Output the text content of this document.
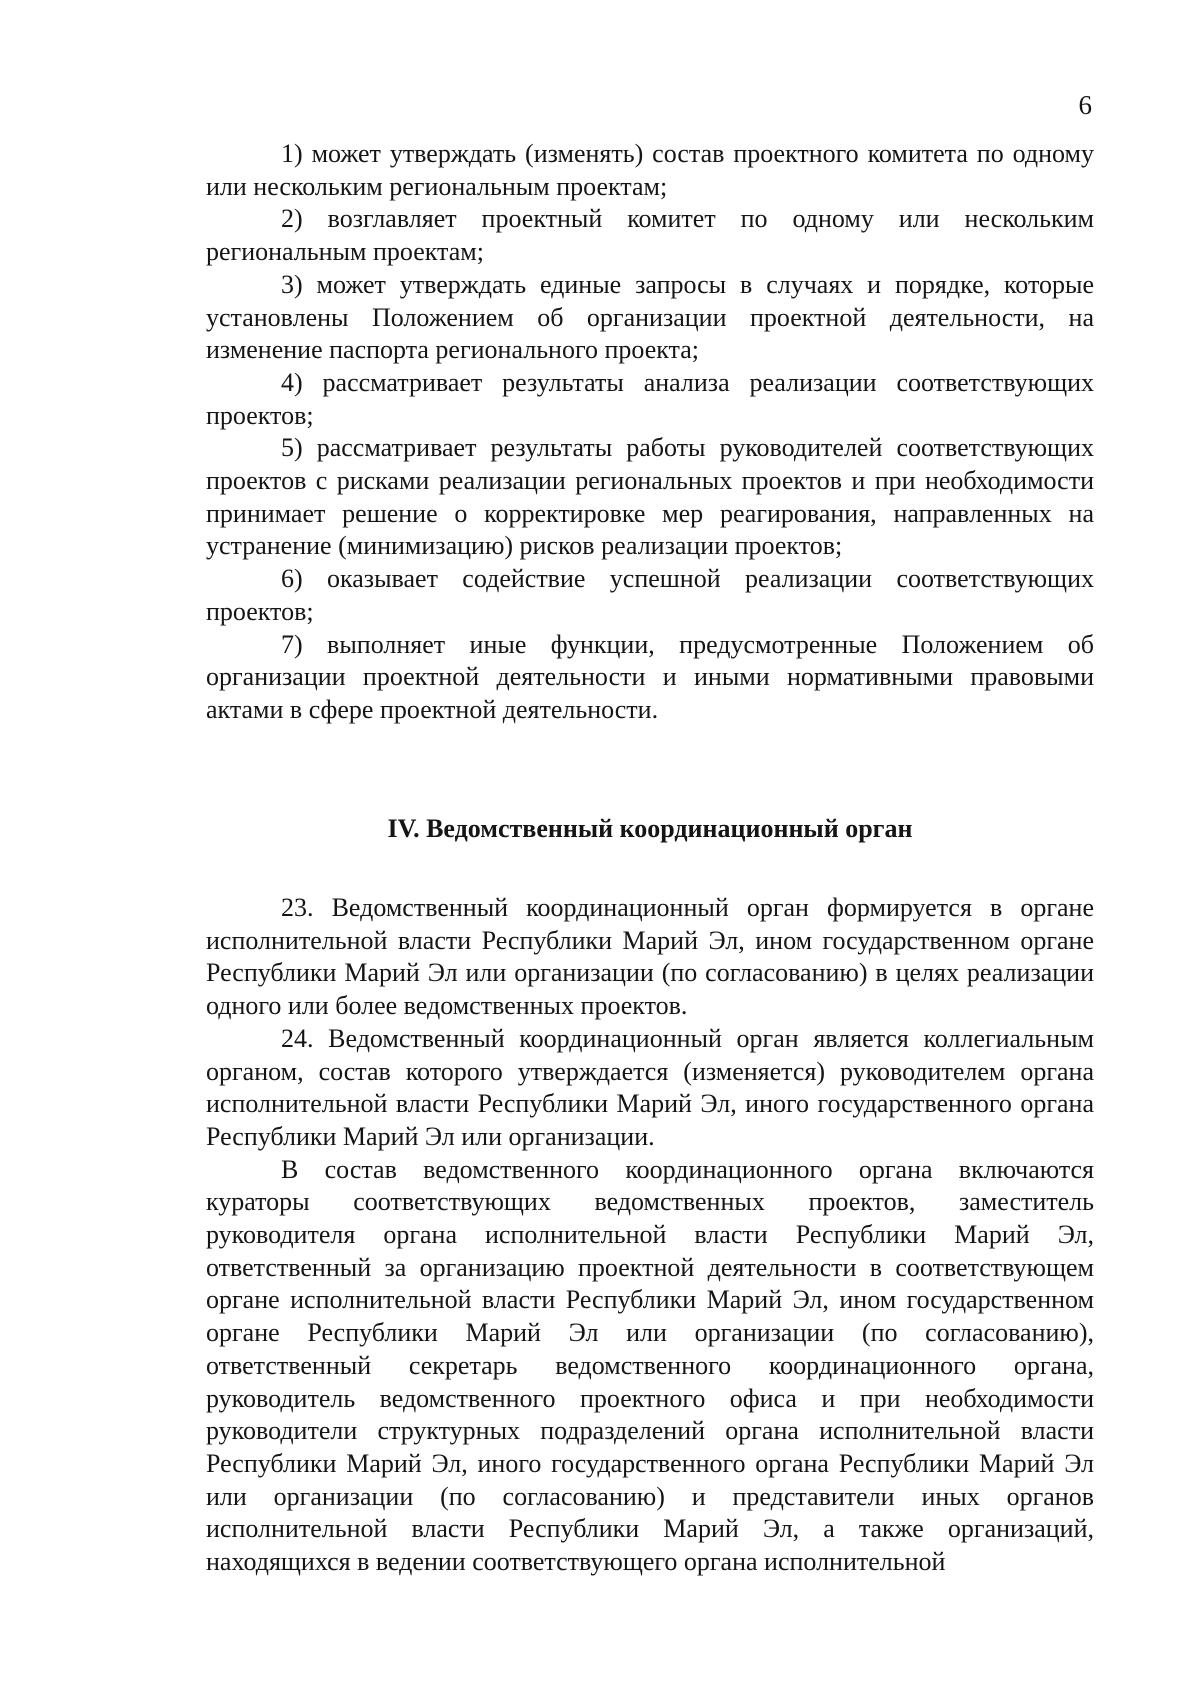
6

1) может утверждать (изменять) состав проектного комитета по одному или нескольким региональным проектам;

2) возглавляет проектный комитет по одному или нескольким региональным проектам;

3) может утверждать единые запросы в случаях и порядке, которые установлены Положением об организации проектной деятельности, на изменение паспорта регионального проекта;

4) рассматривает результаты анализа реализации соответствующих проектов;

5) рассматривает результаты работы руководителей соответствующих проектов с рисками реализации региональных проектов и при необходимости принимает решение о корректировке мер реагирования, направленных на устранение (минимизацию) рисков реализации проектов;

6) оказывает содействие успешной реализации соответствующих проектов;

7) выполняет иные функции, предусмотренные Положением об организации проектной деятельности и иными нормативными правовыми актами в сфере проектной деятельности.

IV. Ведомственный координационный орган

23. Ведомственный координационный орган формируется в органе исполнительной власти Республики Марий Эл, ином государственном органе Республики Марий Эл или организации (по согласованию) в целях реализации одного или более ведомственных проектов.

24. Ведомственный координационный орган является коллегиальным органом, состав которого утверждается (изменяется) руководителем органа исполнительной власти Республики Марий Эл, иного государственного органа Республики Марий Эл или организации.

В состав ведомственного координационного органа включаются кураторы соответствующих ведомственных проектов, заместитель руководителя органа исполнительной власти Республики Марий Эл, ответственный за организацию проектной деятельности в соответствующем органе исполнительной власти Республики Марий Эл, ином государственном органе Республики Марий Эл или организации (по согласованию), ответственный секретарь ведомственного координационного органа, руководитель ведомственного проектного офиса и при необходимости руководители структурных подразделений органа исполнительной власти Республики Марий Эл, иного государственного органа Республики Марий Эл или организации (по согласованию) и представители иных органов исполнительной власти Республики Марий Эл, а также организаций, находящихся в ведении соответствующего органа исполнительной
